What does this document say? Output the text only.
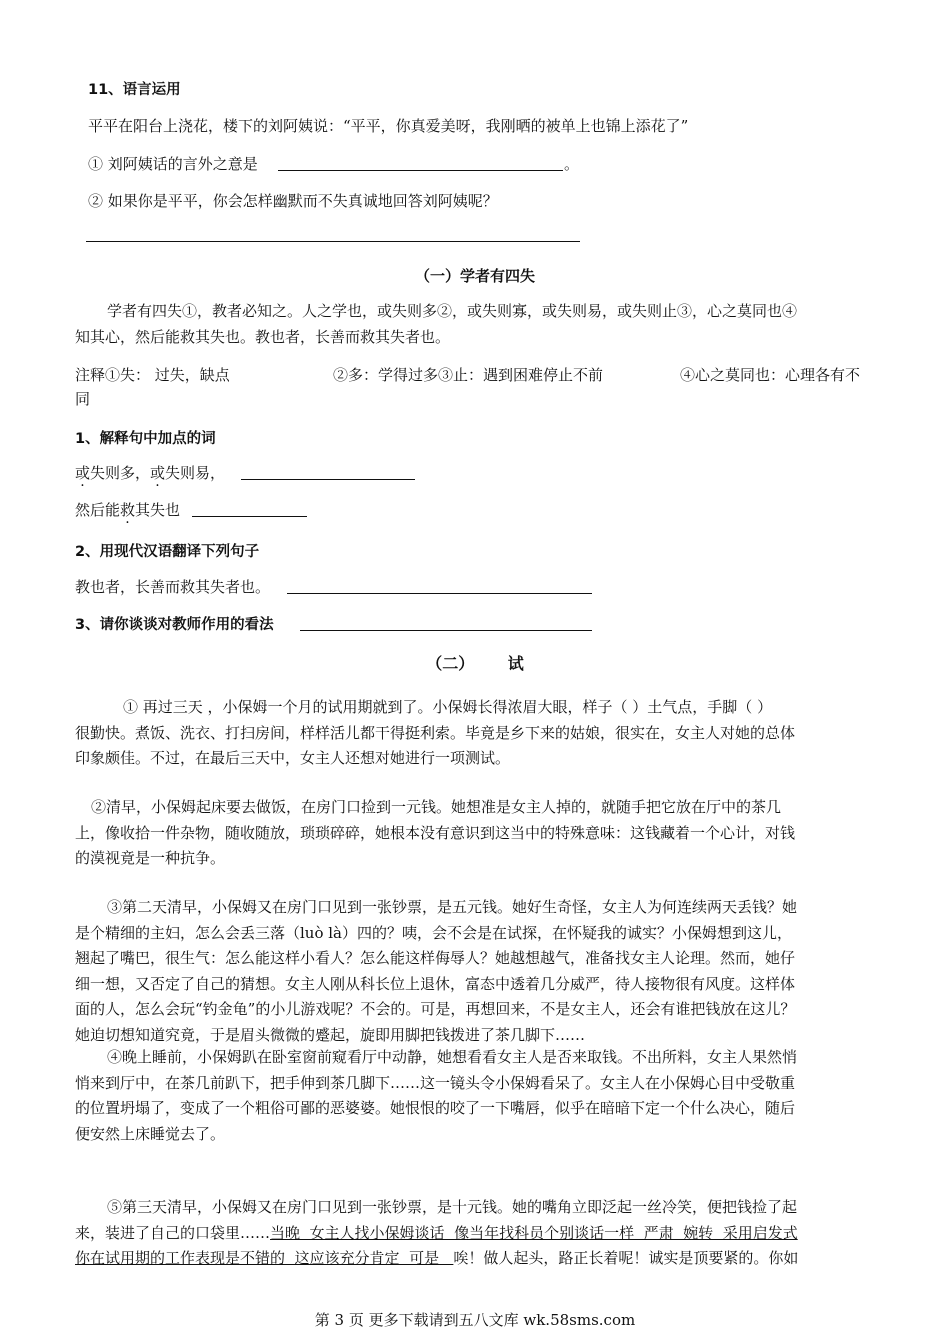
11、语言运用
平平在阳台上浇花，楼下的刘阿姨说：“平平，你真爱美呀，我刚晒的被单上也锦上添花了”
① 刘阿姨话的言外之意是	。
② 如果你是平平，你会怎样幽默而不失真诚地回答刘阿姨呢？
（一）学者有四失
学者有四失①，教者必知之。人之学也，或失则多②，或失则寡，或失则易，或失则止③，心之莫同也④
知其心，然后能救其失也。教也者，长善而救其失者也。
注释①失： 过失，缺点	②多：学得过多③止：遇到困难停止不前	④心之莫同也：心理各有不
同
1、解释句中加点的词
或失则多，或失则易，
然后能救其失也
2、用现代汉语翻译下列句子
教也者，长善而救其失者也。
3、请你谈谈对教师作用的看法
（二）      试
① 再过三天 ，小保姆一个月的试用期就到了。小保姆长得浓眉大眼，样子（ ）土气点，手脚（ ）
很勤快。煮饭、洗衣、打扫房间，样样活儿都干得挺利索。毕竟是乡下来的姑娘，很实在，女主人对她的总体
印象颇佳。不过，在最后三天中，女主人还想对她进行一项测试。
②清早，小保姆起床要去做饭，在房门口捡到一元钱。她想准是女主人掉的，就随手把它放在厅中的茶几
上，像收拾一件杂物，随收随放，琐琐碎碎，她根本没有意识到这当中的特殊意味：这钱藏着一个心计，对钱
的漠视竟是一种抗争。
③第二天清早，小保姆又在房门口见到一张钞票，是五元钱。她好生奇怪，女主人为何连续两天丢钱？她
是个精细的主妇，怎么会丢三落（luò là）四的？咦，会不会是在试探，在怀疑我的诚实？小保姆想到这儿，
翘起了嘴巴，很生气：怎么能这样小看人？怎么能这样侮辱人？她越想越气，准备找女主人论理。然而，她仔
细一想，又否定了自己的猜想。女主人刚从科长位上退休，富态中透着几分威严，待人接物很有风度。这样体
面的人，怎么会玩“钓金龟”的小儿游戏呢？不会的。可是，再想回来，不是女主人，还会有谁把钱放在这儿？
她迫切想知道究竟，于是眉头微微的蹙起，旋即用脚把钱拨进了茶几脚下……
④晚上睡前，小保姆趴在卧室窗前窥看厅中动静，她想看看女主人是否来取钱。不出所料，女主人果然悄
悄来到厅中，在茶几前趴下，把手伸到茶几脚下……这一镜头令小保姆看呆了。女主人在小保姆心目中受敬重
的位置坍塌了，变成了一个粗俗可鄙的恶婆婆。她恨恨的咬了一下嘴唇，似乎在暗暗下定一个什么决心，随后
便安然上床睡觉去了。
⑤第三天清早，小保姆又在房门口见到一张钞票，是十元钱。她的嘴角立即泛起一丝冷笑，便把钱捡了起
来，装进了自己的口袋里……当晚  女主人找小保姆谈话  像当年找科员个别谈话一样  严肃  婉转  采用启发式
你在试用期的工作表现是不错的  这应该充分肯定  可是   唉！做人起头，路正长着呢！诚实是顶要紧的。你如
第 3 页 更多下载请到五八文库 wk.58sms.com
